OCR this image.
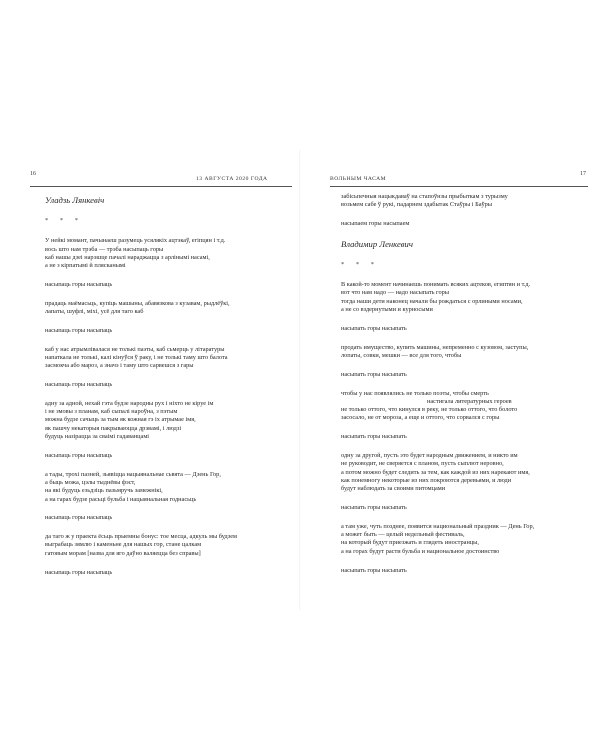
16
13 АВГУСТА 2020 ГОДА
Уладзь Лянкевіч
* * *
У нейкі момант, пачынаеш разумець усялякіх ацтэкаў, егіпцян і т.д.
вось што нам трэба — трэба насыпаць горы
каб нашы дзеі нарэшце пачалі нараджацца з арлінымі насамі,
а не з кірпатымі й плясканымі
насыпаць горы насыпаць
прадаць маёмасьць, купіць машыны, абавязкова з кузавам, рыдлёўкі,
лапаты, шуфлі, міхі, усё для таго каб
насыпаць горы насыпаць
каб у нас атрымлівалася не толькі паэты, каб сьмерць у літаратуры
напаткала не толькі, калі кінуўся ў раку, і не толькі таму што балота
засмокча або мароз, а значэ і таму што сарвешся з гары
насыпаць горы насыпаць
адну за адной, нехай гэта будзе народны рух і ніхто не кіруе ім
і не змовы з планам, каб сыпалі нароўна, з пэтым
можна будзе сачыць за тым як кожная гэ іх атрымае імя,
як пашчу некаторыя пакрываюцца дрэвамі, і людзі
будуць назірацца за сваімі гадаванцамі
насыпаць горы насыпаць
а тады, трохі пазней, зьявіцца нацыянальнае сьвята — Дзень Гор,
а быць можа, цэлы тыднёвы фэст,
на які будуць езьдзіць пазьмручь замежнікі,
а на гарах будзе расьці бульба і нацыянальная годнасьць
насыпаць горы насыпаць
да таго ж у праекта ёсьць прыемны бонус: тое месца, адкуль мы будзем
выграбаць зямлю і каменьне для нашых гор, стане цалкам
гатовым морам [назва для яго даўно валяецца без справы]
насыпаць горы насыпаць
ВОЛЬНЫМ ЧАСАМ
17
забісьпечныя нацыкдаваў на стапоўнзы прыбыткам з турызму
возьмем сабе ў рукі, падарнем здабытак Стаўры і Баўры
насыпаем горы насыпаем
Владимир Ленкевич
* * *
В какой-то момент начинаешь понимать всяких ацтеков, египтян и т.д.
вот что нам надо — надо насыпать горы
тогда наши дети наконец начали бы рождаться с орлиными носами,
а не со вздернутыми и курносыми
насыпать горы насыпать
продать имущество, купить машины, непременно с кузовом, заступы,
лопаты, совки, мешки — все для того, чтобы
насыпать горы насыпать
чтобы у нас появлялись не только поэты, чтобы смерть
настигала литературных героев
не только оттого, что кинулся в реку, не только оттого, что болото
засосало, не от мороза, а еще и оттого, что сорвался с горы
насыпать горы насыпать
одну за другой, пусть это будет народным движением, и никто им
не руководит, не сверяется с планом, пусть сыплют неровно,
а потом можно будет следить за тем, как каждой из них нарекают имя,
как понемногу некоторые из них покроются деревьями, и люди
будут наблюдать за своими питомцами
насыпать горы насыпать
а там уже, чуть позднее, появится национальный праздник — День Гор,
а может быть — целый недельный фестиваль,
на который будут приезжать и глядеть иностранцы,
а на горах будут расти бульба и национальное достоинство
насыпать горы насыпать
